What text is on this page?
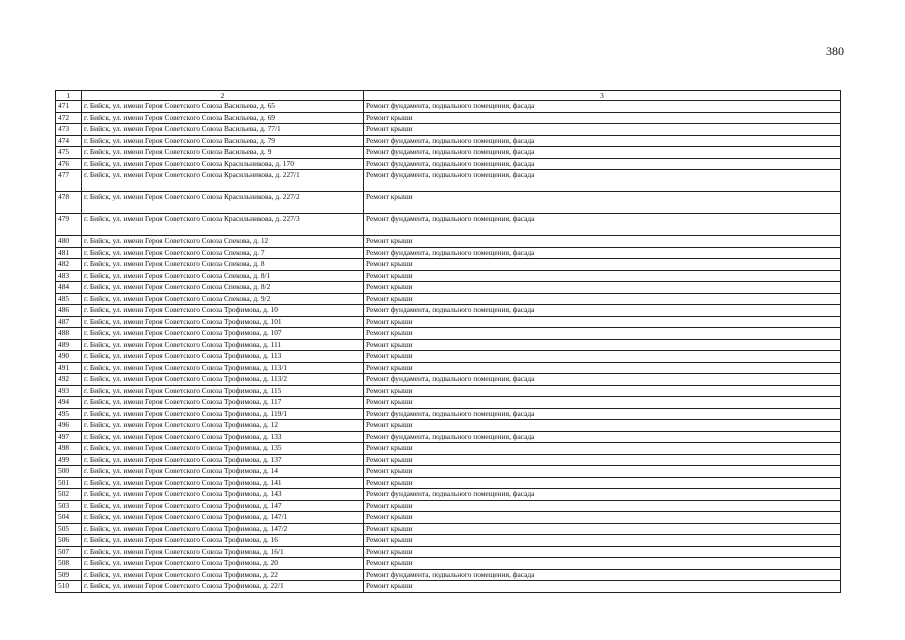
380
1	2	3
471	г. Бийск, ул. имени Героя Советского Союза Васильева, д. 65	Ремонт фундамента, подвального помещения, фасада
472	г. Бийск, ул. имени Героя Советского Союза Васильева, д. 69	Ремонт крыши
473	г. Бийск, ул. имени Героя Советского Союза Васильева, д. 77/1	Ремонт крыши
474	г. Бийск, ул. имени Героя Советского Союза Васильева, д. 79	Ремонт фундамента, подвального помещения, фасада
475	г. Бийск, ул. имени Героя Советского Союза Васильева, д. 9	Ремонт фундамента, подвального помещения, фасада
476	г. Бийск, ул. имени Героя Советского Союза Красильникова, д. 170	Ремонт фундамента, подвального помещения, фасада
477	г. Бийск, ул. имени Героя Советского Союза Красильникова, д. 227/1	Ремонт фундамента, подвального помещения, фасада
478	г. Бийск, ул. имени Героя Советского Союза Красильникова, д. 227/2	Ремонт крыши
479	г. Бийск, ул. имени Героя Советского Союза Красильникова, д. 227/3	Ремонт фундамента, подвального помещения, фасада
480	г. Бийск, ул. имени Героя Советского Союза Спекова, д. 12	Ремонт крыши
481	г. Бийск, ул. имени Героя Советского Союза Спекова, д. 7	Ремонт фундамента, подвального помещения, фасада
482	г. Бийск, ул. имени Героя Советского Союза Спекова, д. 8	Ремонт крыши
483	г. Бийск, ул. имени Героя Советского Союза Спекова, д. 8/1	Ремонт крыши
484	г. Бийск, ул. имени Героя Советского Союза Спекова, д. 8/2	Ремонт крыши
485	г. Бийск, ул. имени Героя Советского Союза Спекова, д. 9/2	Ремонт крыши
486	г. Бийск, ул. имени Героя Советского Союза Трофимова, д. 10	Ремонт фундамента, подвального помещения, фасада
487	г. Бийск, ул. имени Героя Советского Союза Трофимова, д. 101	Ремонт крыши
488	г. Бийск, ул. имени Героя Советского Союза Трофимова, д. 107	Ремонт крыши
489	г. Бийск, ул. имени Героя Советского Союза Трофимова, д. 111	Ремонт крыши
490	г. Бийск, ул. имени Героя Советского Союза Трофимова, д. 113	Ремонт крыши
491	г. Бийск, ул. имени Героя Советского Союза Трофимова, д. 113/1	Ремонт крыши
492	г. Бийск, ул. имени Героя Советского Союза Трофимова, д. 113/2	Ремонт фундамента, подвального помещения, фасада
493	г. Бийск, ул. имени Героя Советского Союза Трофимова, д. 115	Ремонт крыши
494	г. Бийск, ул. имени Героя Советского Союза Трофимова, д. 117	Ремонт крыши
495	г. Бийск, ул. имени Героя Советского Союза Трофимова, д. 119/1	Ремонт фундамента, подвального помещения, фасада
496	г. Бийск, ул. имени Героя Советского Союза Трофимова, д. 12	Ремонт крыши
497	г. Бийск, ул. имени Героя Советского Союза Трофимова, д. 133	Ремонт фундамента, подвального помещения, фасада
498	г. Бийск, ул. имени Героя Советского Союза Трофимова, д. 135	Ремонт крыши
499	г. Бийск, ул. имени Героя Советского Союза Трофимова, д. 137	Ремонт крыши
500	г. Бийск, ул. имени Героя Советского Союза Трофимова, д. 14	Ремонт крыши
501	г. Бийск, ул. имени Героя Советского Союза Трофимова, д. 141	Ремонт крыши
502	г. Бийск, ул. имени Героя Советского Союза Трофимова, д. 143	Ремонт фундамента, подвального помещения, фасада
503	г. Бийск, ул. имени Героя Советского Союза Трофимова, д. 147	Ремонт крыши
504	г. Бийск, ул. имени Героя Советского Союза Трофимова, д. 147/1	Ремонт крыши
505	г. Бийск, ул. имени Героя Советского Союза Трофимова, д. 147/2	Ремонт крыши
506	г. Бийск, ул. имени Героя Советского Союза Трофимова, д. 16	Ремонт крыши
507	г. Бийск, ул. имени Героя Советского Союза Трофимова, д. 16/1	Ремонт крыши
508	г. Бийск, ул. имени Героя Советского Союза Трофимова, д. 20	Ремонт крыши
509	г. Бийск, ул. имени Героя Советского Союза Трофимова, д. 22	Ремонт фундамента, подвального помещения, фасада
510	г. Бийск, ул. имени Героя Советского Союза Трофимова, д. 22/1	Ремонт крыши
